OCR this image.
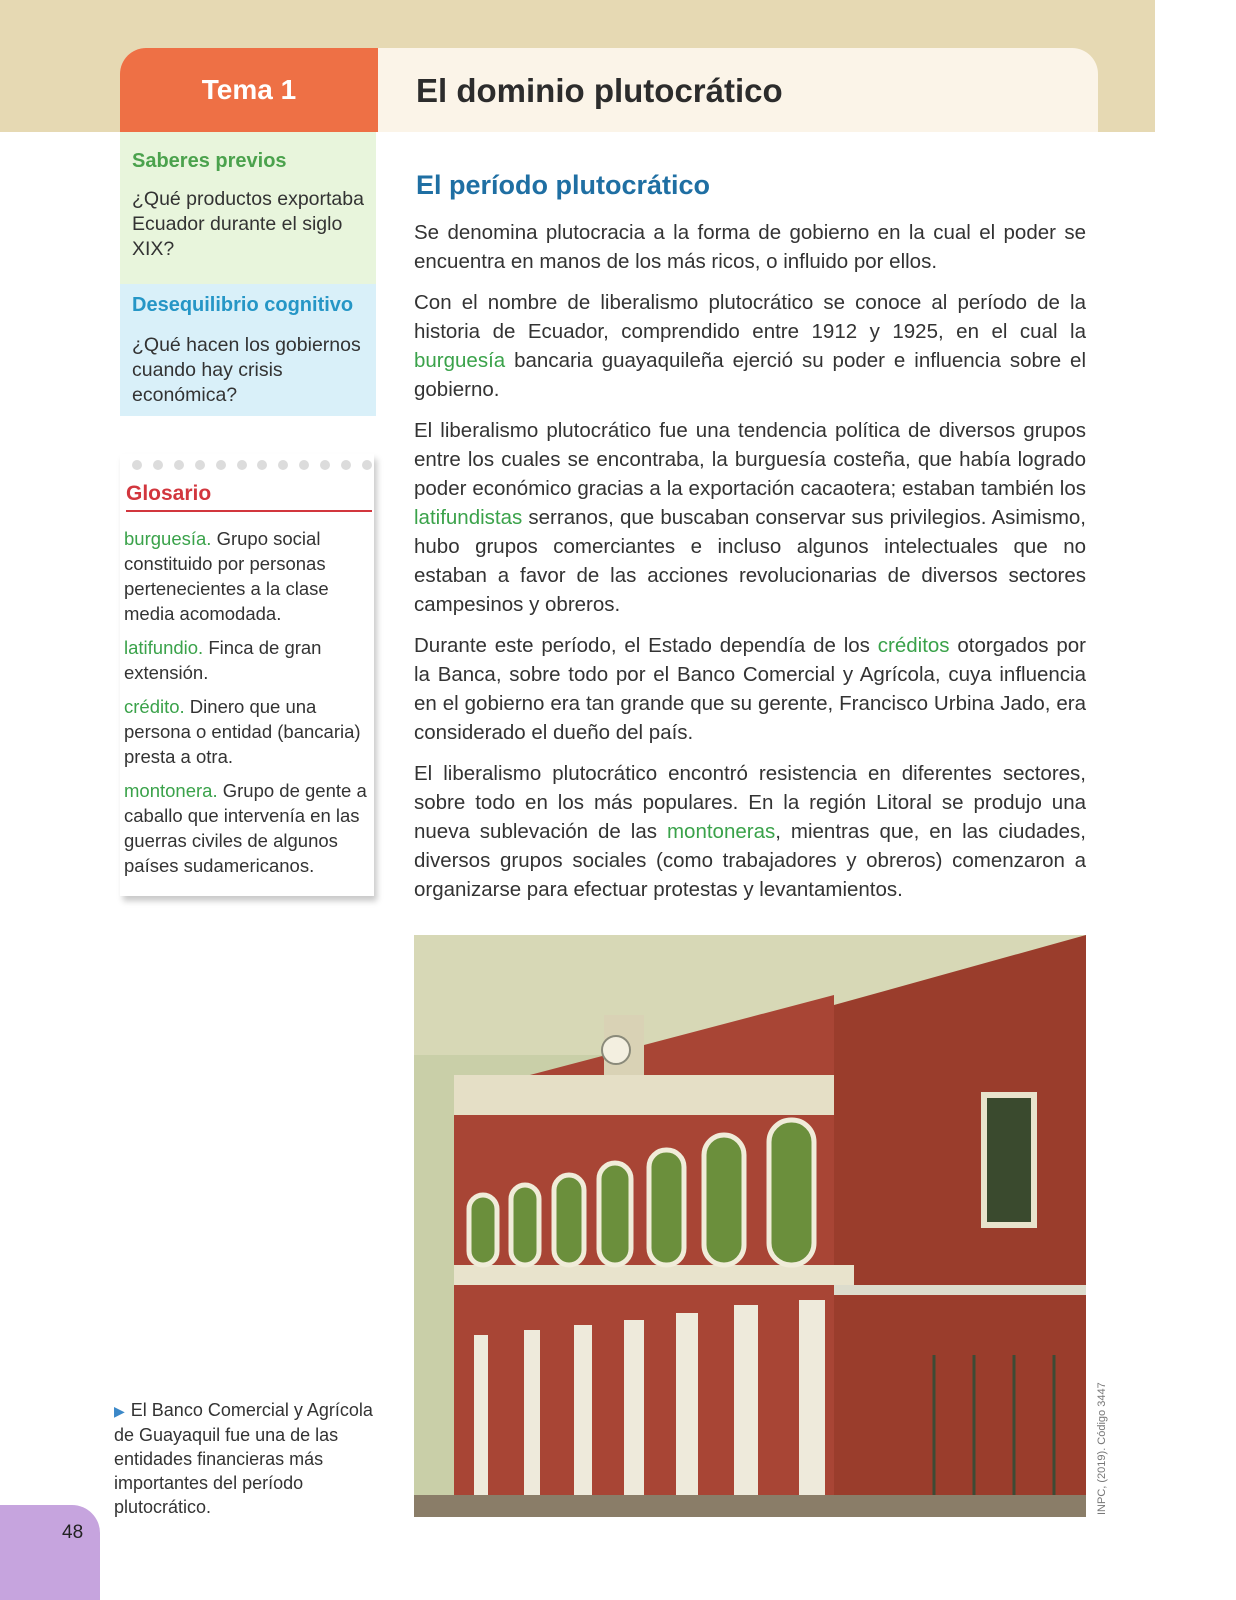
Tema 1	El dominio plutocrático
Saberes previos
¿Qué productos exportaba Ecuador durante el siglo XIX?
Desequilibrio cognitivo
¿Qué hacen los gobiernos cuando hay crisis económica?
Glosario
burguesía. Grupo social constituido por personas pertenecientes a la clase media acomodada.
latifundio. Finca de gran extensión.
crédito. Dinero que una persona o entidad (bancaria) presta a otra.
montonera. Grupo de gente a caballo que intervenía en las guerras civiles de algunos países sudamericanos.
El período plutocrático

Se denomina plutocracia a la forma de gobierno en la cual el poder se encuentra en manos de los más ricos, o influido por ellos.

Con el nombre de liberalismo plutocrático se conoce al período de la historia de Ecuador, comprendido entre 1912 y 1925, en el cual la burguesía bancaria guayaquileña ejerció su poder e influencia sobre el gobierno.

El liberalismo plutocrático fue una tendencia política de diversos grupos entre los cuales se encontraba, la burguesía costeña, que había logrado poder económico gracias a la exportación cacaotera; estaban también los latifundistas serranos, que buscaban conservar sus privilegios. Asimismo, hubo grupos comerciantes e incluso algunos intelectuales que no estaban a favor de las acciones revolucionarias de diversos sectores campesinos y obreros.

Durante este período, el Estado dependía de los créditos otorgados por la Banca, sobre todo por el Banco Comercial y Agrícola, cuya influencia en el gobierno era tan grande que su gerente, Francisco Urbina Jado, era considerado el dueño del país.

El liberalismo plutocrático encontró resistencia en diferentes sectores, sobre todo en los más populares. En la región Litoral se produjo una nueva sublevación de las montoneras, mientras que, en las ciudades, diversos grupos sociales (como trabajadores y obreros) comenzaron a organizarse para efectuar protestas y levantamientos.

INPC, (2019). Código 3447
▶ El Banco Comercial y Agrícola de Guayaquil fue una de las entidades financieras más importantes del período plutocrático.
48
